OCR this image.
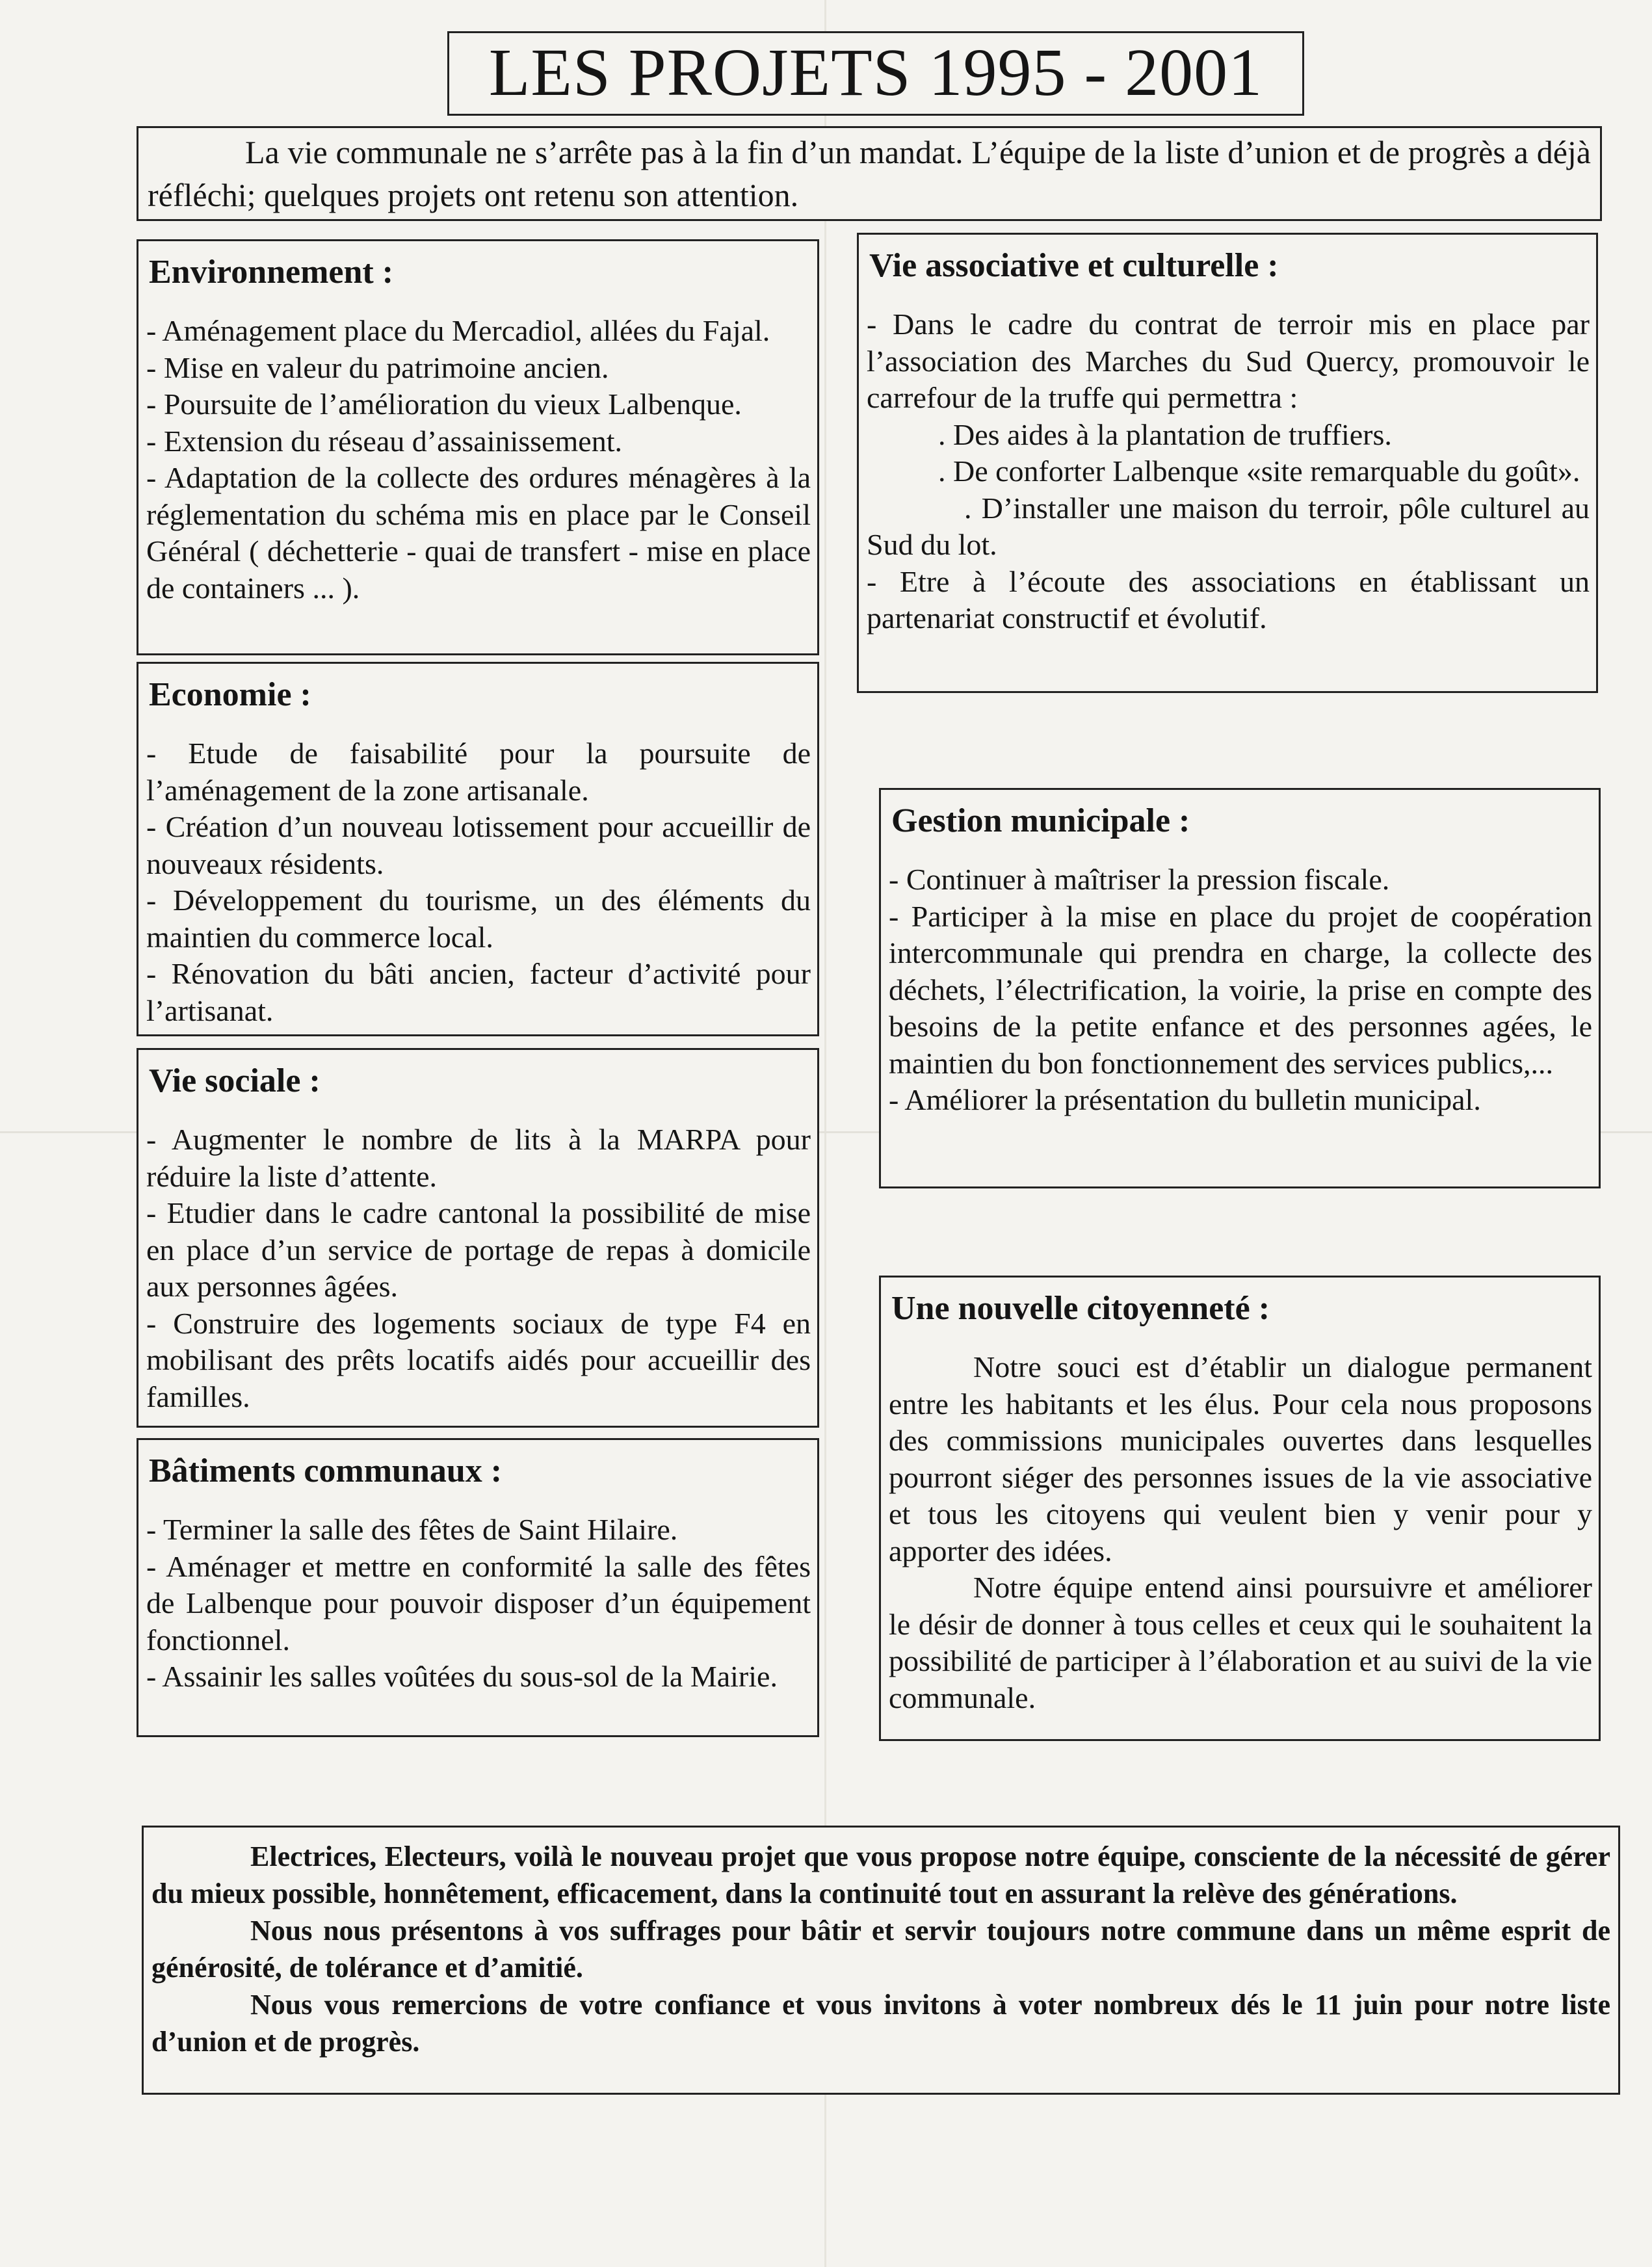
LES PROJETS 1995 - 2001

La vie communale ne s’arrête pas à la fin d’un mandat. L’équipe de la liste d’union et de progrès a déjà réfléchi; quelques projets ont retenu son attention.

Environnement :

- Aménagement place du Mercadiol, allées du Fajal.

- Mise en valeur du patrimoine ancien.

- Poursuite de l’amélioration du vieux Lalbenque.

- Extension du réseau d’assainissement.

- Adaptation de la collecte des ordures ménagères à la réglementation du schéma mis en place par le Conseil Général ( déchetterie - quai de transfert - mise en place de containers ... ).

Economie :

- Etude de faisabilité pour la poursuite de l’aménagement de la zone artisanale.

- Création d’un nouveau lotissement pour accueillir de nouveaux résidents.

- Développement du tourisme, un des éléments du maintien du commerce local.

- Rénovation du bâti ancien, facteur d’activité pour l’artisanat.

Vie sociale :

- Augmenter le nombre de lits à la MARPA pour réduire la liste d’attente.

- Etudier dans le cadre cantonal la possibilité de mise en place d’un service de portage de repas à domicile aux personnes âgées.

- Construire des logements sociaux de type F4 en mobilisant des prêts locatifs aidés pour accueillir des familles.

Bâtiments communaux :

- Terminer la salle des fêtes de Saint Hilaire.

- Aménager et mettre en conformité la salle des fêtes de Lalbenque pour pouvoir disposer d’un équipement fonctionnel.

- Assainir les salles voûtées du sous-sol de la Mairie.

Vie associative et culturelle :

- Dans le cadre du contrat de terroir mis en place par l’association des Marches du Sud Quercy, promouvoir le carrefour de la truffe qui permettra :

. Des aides à la plantation de truffiers.

. De conforter Lalbenque «site remarquable du goût».

. D’installer une maison du terroir, pôle culturel au Sud du lot.

- Etre à l’écoute des associations en établissant un partenariat constructif et évolutif.

Gestion municipale :

- Continuer à maîtriser la pression fiscale.

- Participer à la mise en place du projet de coopération intercommunale qui prendra en charge, la collecte des déchets, l’électrification, la voirie, la prise en compte des besoins de la petite enfance et des personnes agées, le maintien du bon fonctionnement des services publics,...

- Améliorer la présentation du bulletin municipal.

Une nouvelle citoyenneté :

Notre souci est d’établir un dialogue permanent entre les habitants et les élus. Pour cela nous proposons des commissions municipales ouvertes dans lesquelles pourront siéger des personnes issues de la vie associative et tous les citoyens qui veulent bien y venir pour y apporter des idées.

Notre équipe entend ainsi poursuivre et améliorer le désir de donner à tous celles et ceux qui le souhaitent la possibilité de participer à l’élaboration et au suivi de la vie communale.

Electrices, Electeurs, voilà le nouveau projet que vous propose notre équipe, consciente de la nécessité de gérer du mieux possible, honnêtement, efficacement, dans la continuité tout en assurant la relève des générations.

Nous nous présentons à vos suffrages pour bâtir et servir toujours notre commune dans un même esprit de générosité, de tolérance et d’amitié.

Nous vous remercions de votre confiance et vous invitons à voter nombreux dés le 11 juin pour notre liste d’union et de progrès.
